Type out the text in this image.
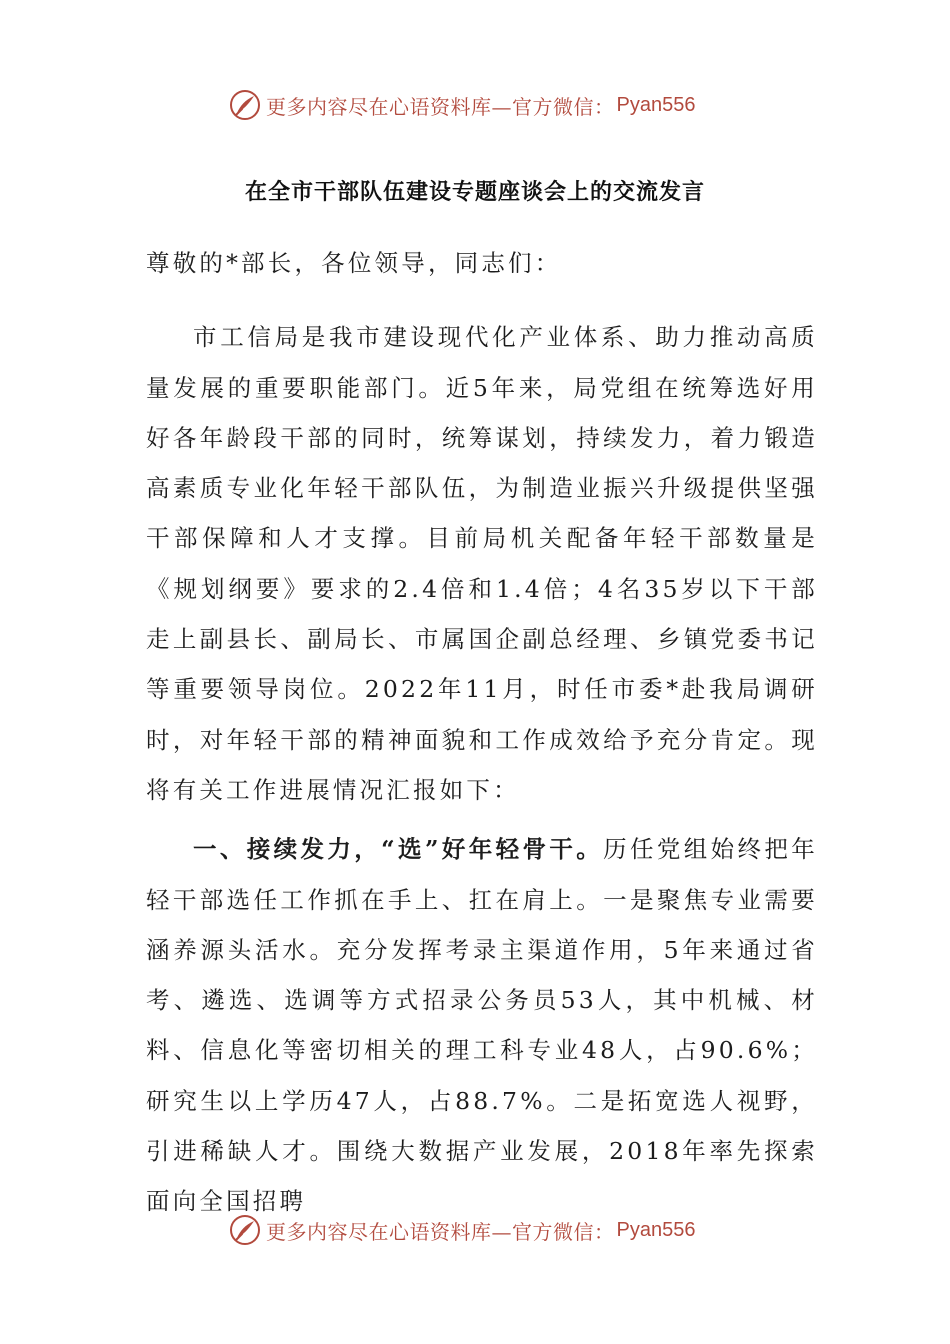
更多内容尽在心语资料库—官方微信： Pyan556
在全市干部队伍建设专题座谈会上的交流发言

尊敬的*部长，各位领导，同志们：

市工信局是我市建设现代化产业体系、助力推动高质量发展的重要职能部门。近5年来，局党组在统筹选好用好各年龄段干部的同时，统筹谋划，持续发力，着力锻造高素质专业化年轻干部队伍，为制造业振兴升级提供坚强干部保障和人才支撑。目前局机关配备年轻干部数量是《规划纲要》要求的2.4倍和1.4倍；4名35岁以下干部走上副县长、副局长、市属国企副总经理、乡镇党委书记等重要领导岗位。2022年11月，时任市委*赴我局调研时，对年轻干部的精神面貌和工作成效给予充分肯定。现将有关工作进展情况汇报如下：

一、接续发力，“选”好年轻骨干。历任党组始终把年轻干部选任工作抓在手上、扛在肩上。一是聚焦专业需要涵养源头活水。充分发挥考录主渠道作用，5年来通过省考、遴选、选调等方式招录公务员53人，其中机械、材料、信息化等密切相关的理工科专业48人，占90.6%；研究生以上学历47人，占88.7%。二是拓宽选人视野，引进稀缺人才。围绕大数据产业发展，2018年率先探索面向全国招聘

更多内容尽在心语资料库—官方微信： Pyan556
